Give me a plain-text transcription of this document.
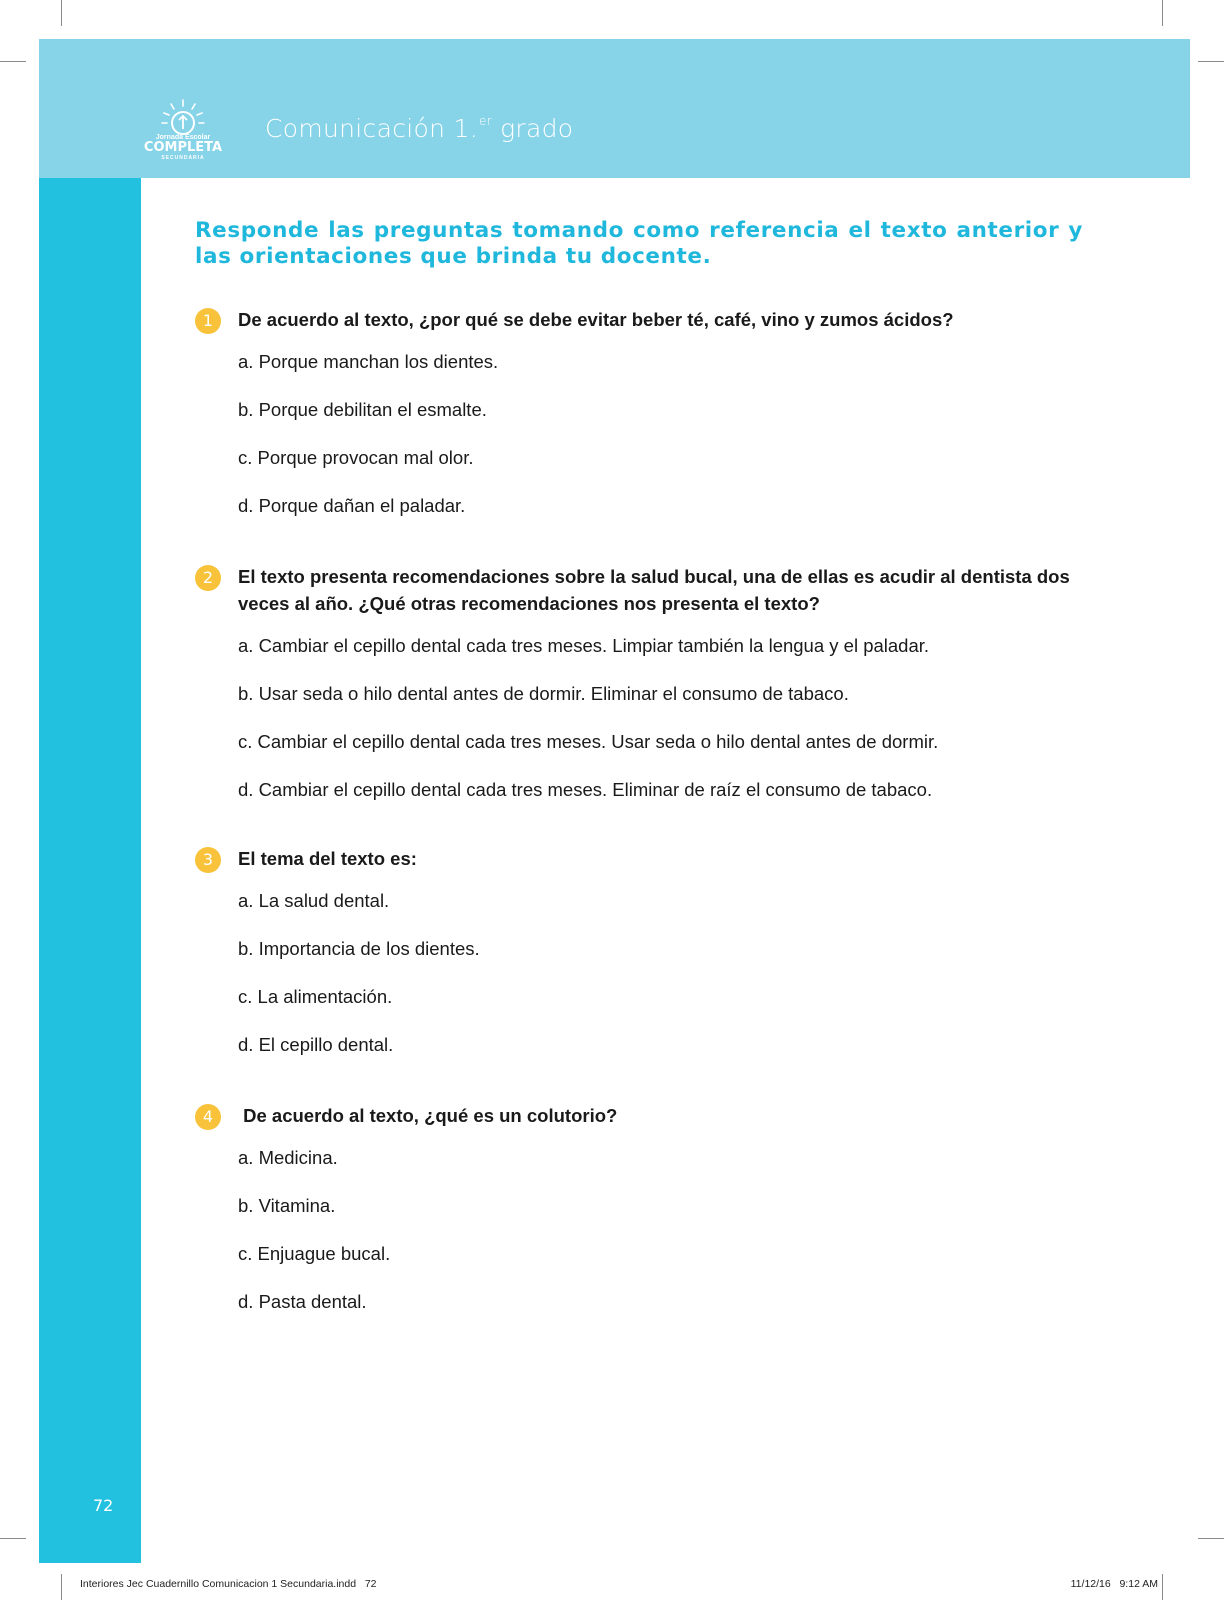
Jornada Escolar
COMPLETA
SECUNDARIA
Comunicación 1.$^{er}$ grado

Responde las preguntas tomando como referencia el texto anterior y las orientaciones que brinda tu docente.

1	De acuerdo al texto, ¿por qué se debe evitar beber té, café, vino y zumos ácidos?

a. Porque manchan los dientes.
b. Porque debilitan el esmalte.
c. Porque provocan mal olor.
d. Porque dañan el paladar.
2	El texto presenta recomendaciones sobre la salud bucal, una de ellas es acudir al dentista dos veces al año. ¿Qué otras recomendaciones nos presenta el texto?

a. Cambiar el cepillo dental cada tres meses. Limpiar también la lengua y el paladar.
b. Usar seda o hilo dental antes de dormir. Eliminar el consumo de tabaco.
c. Cambiar el cepillo dental cada tres meses. Usar seda o hilo dental antes de dormir.
d. Cambiar el cepillo dental cada tres meses. Eliminar de raíz el consumo de tabaco.
3	El tema del texto es:

a. La salud dental.
b. Importancia de los dientes.
c. La alimentación.
d. El cepillo dental.
4	De acuerdo al texto, ¿qué es un colutorio?

a. Medicina.
b. Vitamina.
c. Enjuague bucal.
d. Pasta dental.
72
Interiores Jec Cuadernillo Comunicacion 1 Secundaria.indd   72	11/12/16   9:12 AM
